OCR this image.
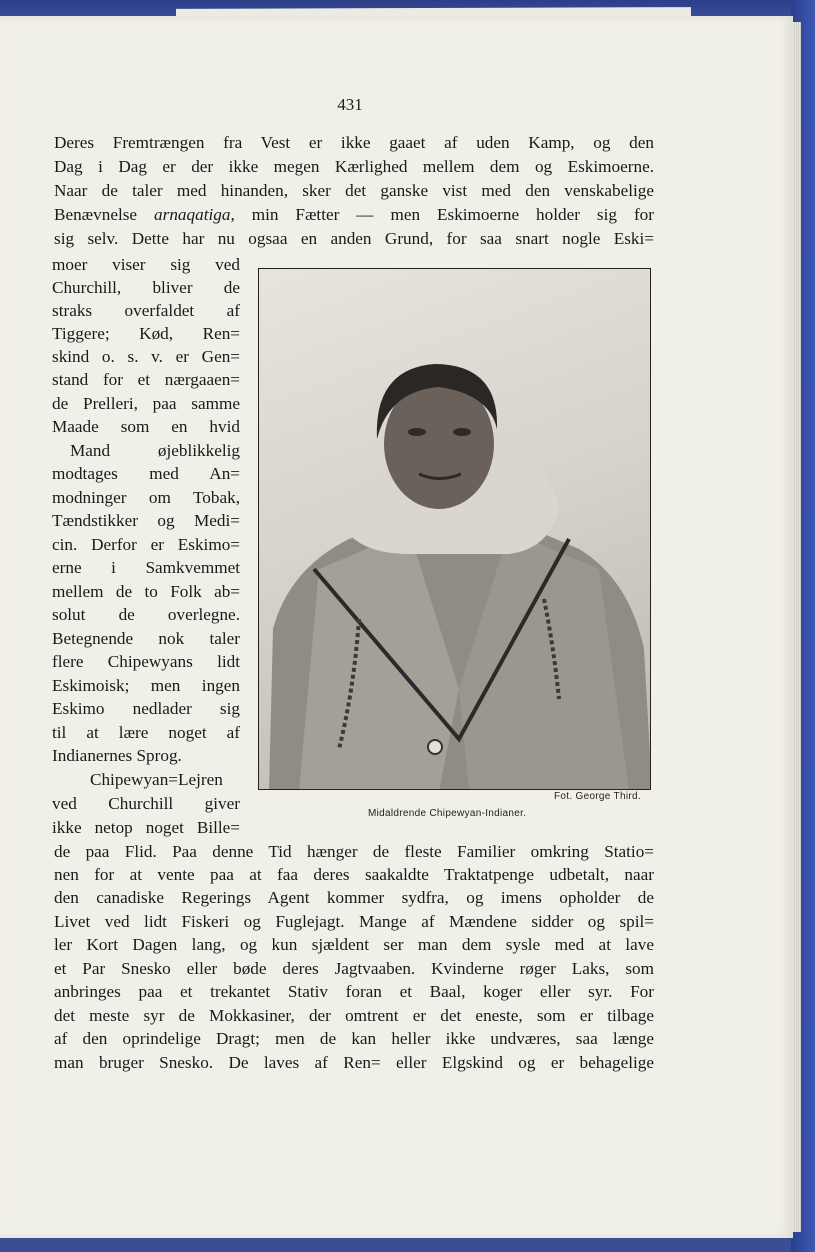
431
Deres Fremtrængen fra Vest er ikke gaaet af uden Kamp, og den
Dag i Dag er der ikke megen Kærlighed mellem dem og Eskimoerne.
Naar de taler med hinanden, sker det ganske vist med den venskabelige
Benævnelse arnaqatiga, min Fætter — men Eskimoerne holder sig for
sig selv. Dette har nu ogsaa en anden Grund, for saa snart nogle Eski=
moer viser sig ved
Churchill, bliver de
straks overfaldet af
Tiggere; Kød, Ren=
skind o. s. v. er Gen=
stand for et nærgaaen=
de Prelleri, paa samme
Maade som en hvid
Mand øjeblikkelig
modtages med An=
modninger om Tobak,
Tændstikker og Medi=
cin. Derfor er Eskimo=
erne i Samkvemmet
mellem de to Folk ab=
solut de overlegne.
Betegnende nok taler
flere Chipewyans lidt
Eskimoisk; men ingen
Eskimo nedlader sig
til at lære noget af
Indianernes Sprog.
Chipewyan=Lejren
ved Churchill giver
ikke netop noget Bille=
Fot. George Third.
Midaldrende Chipewyan-Indianer.
de paa Flid. Paa denne Tid hænger de fleste Familier omkring Statio=
nen for at vente paa at faa deres saakaldte Traktatpenge udbetalt, naar
den canadiske Regerings Agent kommer sydfra, og imens opholder de
Livet ved lidt Fiskeri og Fuglejagt. Mange af Mændene sidder og spil=
ler Kort Dagen lang, og kun sjældent ser man dem sysle med at lave
et Par Snesko eller bøde deres Jagtvaaben. Kvinderne røger Laks, som
anbringes paa et trekantet Stativ foran et Baal, koger eller syr. For
det meste syr de Mokkasiner, der omtrent er det eneste, som er tilbage
af den oprindelige Dragt; men de kan heller ikke undværes, saa længe
man bruger Snesko. De laves af Ren= eller Elgskind og er behagelige
